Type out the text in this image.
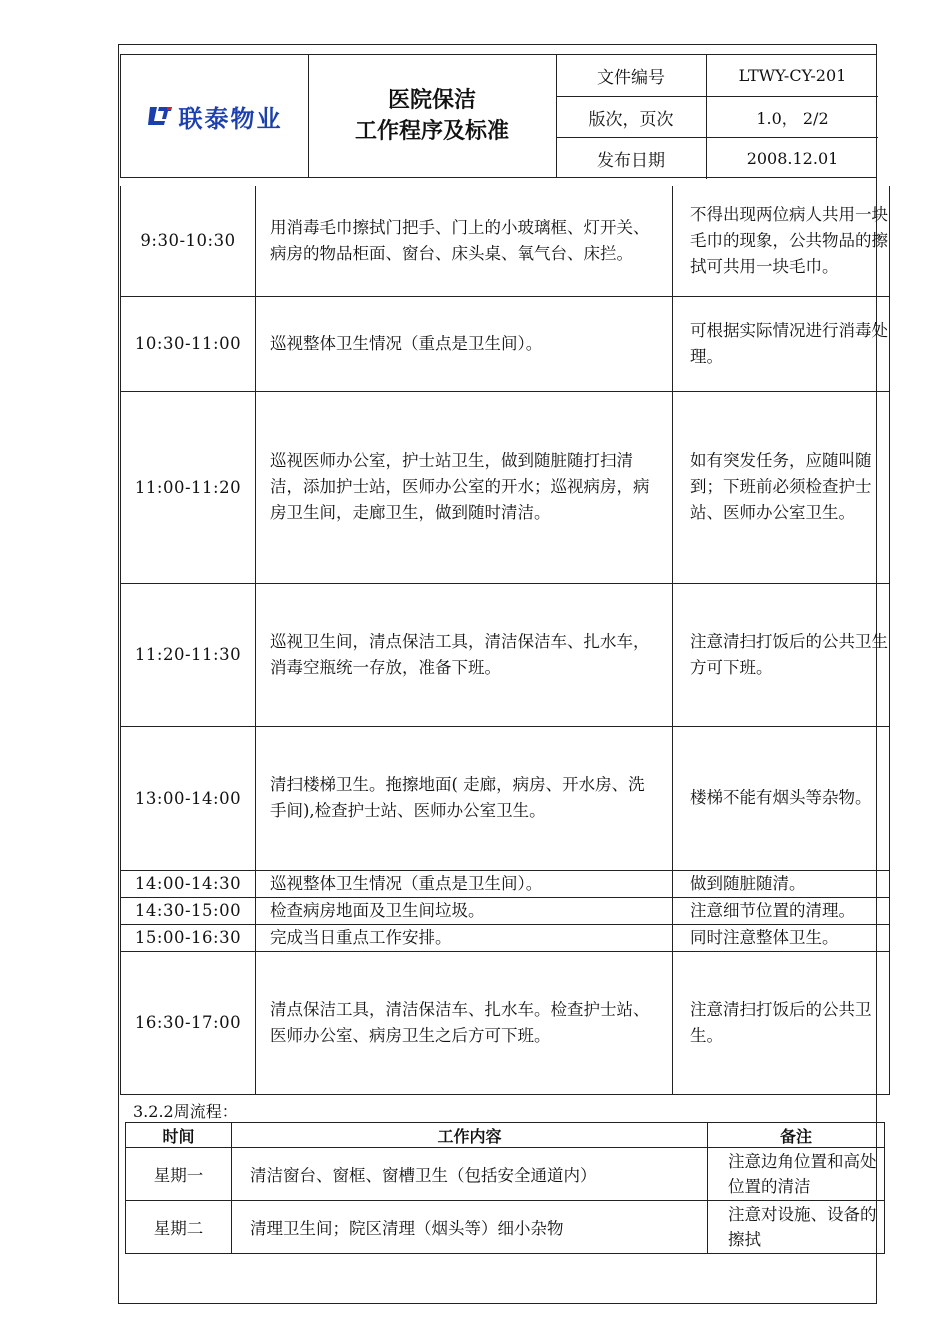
联泰物业
医院保洁
工作程序及标准
文件编号	LTWY-CY-201
版次，页次	1.0， 2/2
发布日期	2008.12.01
9:30-10:30	用消毒毛巾擦拭门把手、门上的小玻璃框、灯开关、病房的物品柜面、窗台、床头桌、氧气台、床拦。	不得出现两位病人共用一块毛巾的现象，公共物品的擦拭可共用一块毛巾。

10:30-11:00	巡视整体卫生情况（重点是卫生间）。	可根据实际情况进行消毒处理。

11:00-11:20	巡视医师办公室，护士站卫生，做到随脏随打扫清洁，添加护士站，医师办公室的开水；巡视病房，病房卫生间，走廊卫生，做到随时清洁。	如有突发任务，应随叫随到；下班前必须检查护士站、医师办公室卫生。

11:20-11:30	巡视卫生间，清点保洁工具，清洁保洁车、扎水车，消毒空瓶统一存放，准备下班。	注意清扫打饭后的公共卫生方可下班。

13:00-14:00	清扫楼梯卫生。拖擦地面( 走廊，病房、开水房、洗手间),检查护士站、医师办公室卫生。	楼梯不能有烟头等杂物。

14:00-14:30	巡视整体卫生情况（重点是卫生间）。	做到随脏随清。

14:30-15:00	检查病房地面及卫生间垃圾。	注意细节位置的清理。

15:00-16:30	完成当日重点工作安排。	同时注意整体卫生。

16:30-17:00	清点保洁工具，清洁保洁车、扎水车。检查护士站、医师办公室、病房卫生之后方可下班。	注意清扫打饭后的公共卫生。
3.2.2周流程：
时间	工作内容	备注
星期一	清洁窗台、窗框、窗槽卫生（包括安全通道内）	注意边角位置和高处位置的清洁
星期二	清理卫生间；院区清理（烟头等）细小杂物	注意对设施、设备的擦拭
